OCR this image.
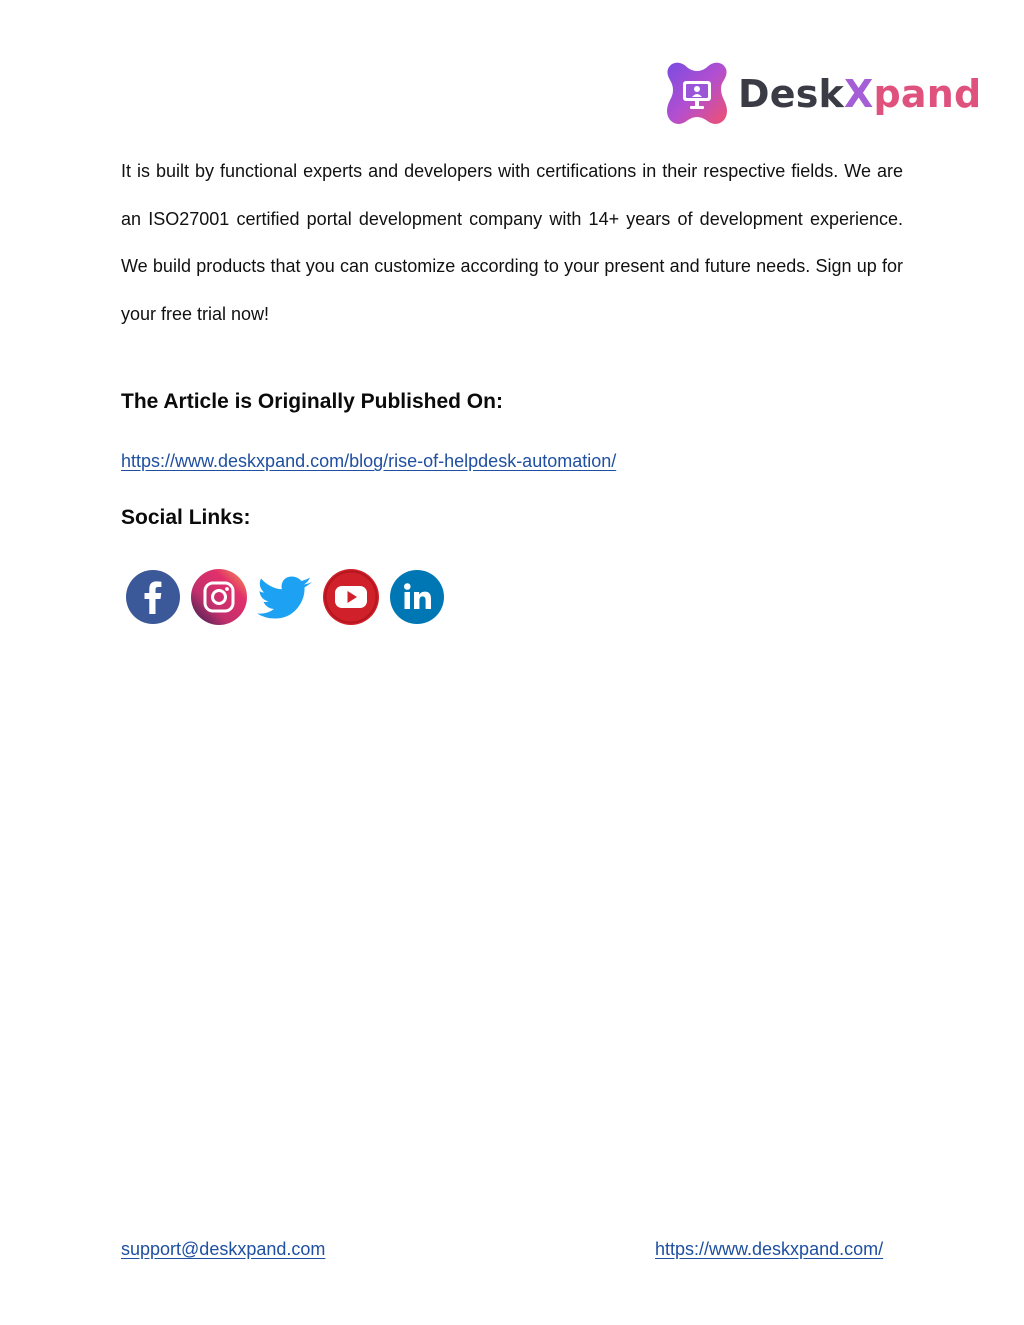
DeskXpand

It is built by functional experts and developers with certifications in their respective fields. We are an ISO27001 certified portal development company with 14+ years of development experience. We build products that you can customize according to your present and future needs. Sign up for your free trial now!

The Article is Originally Published On:
https://www.deskxpand.com/blog/rise-of-helpdesk-automation/
Social Links:
support@deskxpand.com	https://www.deskxpand.com/
